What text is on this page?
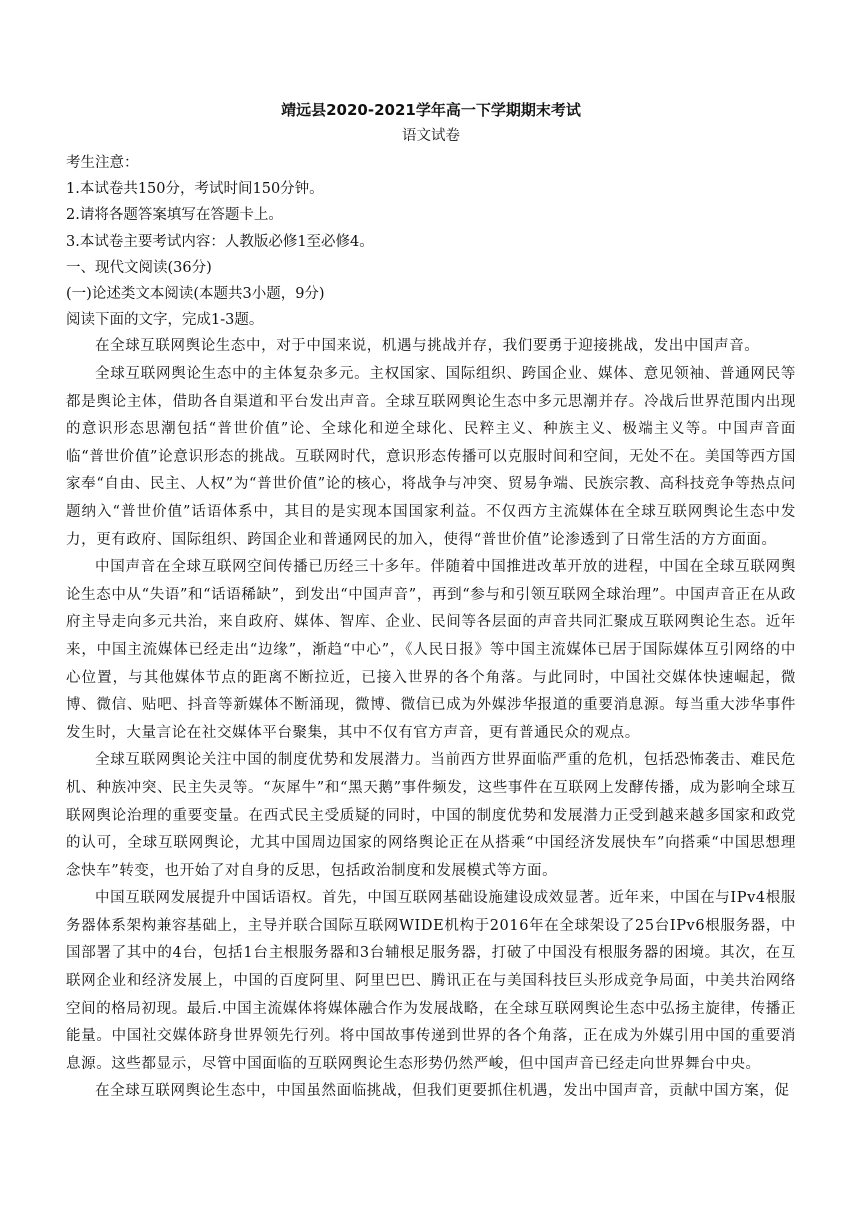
靖远县2020-2021学年高一下学期期末考试
语文试卷

考生注意：

1.本试卷共150分，考试时间150分钟。

2.请将各题答案填写在答题卡上。

3.本试卷主要考试内容：人教版必修1至必修4。

一、现代文阅读(36分)

(一)论述类文本阅读(本题共3小题，9分)

阅读下面的文字，完成1-3题。

在全球互联网舆论生态中，对于中国来说，机遇与挑战并存，我们要勇于迎接挑战，发出中国声音。

全球互联网舆论生态中的主体复杂多元。主权国家、国际组织、跨国企业、媒体、意见领袖、普通网民等都是舆论主体，借助各自渠道和平台发出声音。全球互联网舆论生态中多元思潮并存。冷战后世界范围内出现的意识形态思潮包括“普世价值”论、全球化和逆全球化、民粹主义、种族主义、极端主义等。中国声音面临“普世价值”论意识形态的挑战。互联网时代，意识形态传播可以克服时间和空间，无处不在。美国等西方国家奉“自由、民主、人权”为“普世价值”论的核心，将战争与冲突、贸易争端、民族宗教、高科技竞争等热点问题纳入“普世价值”话语体系中，其目的是实现本国国家利益。不仅西方主流媒体在全球互联网舆论生态中发力，更有政府、国际组织、跨国企业和普通网民的加入，使得“普世价值”论渗透到了日常生活的方方面面。

中国声音在全球互联网空间传播已历经三十多年。伴随着中国推进改革开放的进程，中国在全球互联网舆论生态中从“失语”和“话语稀缺”，到发出“中国声音”，再到“参与和引领互联网全球治理”。中国声音正在从政府主导走向多元共治，来自政府、媒体、智库、企业、民间等各层面的声音共同汇聚成互联网舆论生态。近年来，中国主流媒体已经走出“边缘”，渐趋“中心”，《人民日报》等中国主流媒体已居于国际媒体互引网络的中心位置，与其他媒体节点的距离不断拉近，已接入世界的各个角落。与此同时，中国社交媒体快速崛起，微博、微信、贴吧、抖音等新媒体不断涌现，微博、微信已成为外媒涉华报道的重要消息源。每当重大涉华事件发生时，大量言论在社交媒体平台聚集，其中不仅有官方声音，更有普通民众的观点。

全球互联网舆论关注中国的制度优势和发展潜力。当前西方世界面临严重的危机，包括恐怖袭击、难民危机、种族冲突、民主失灵等。“灰犀牛”和“黑天鹅”事件频发，这些事件在互联网上发酵传播，成为影响全球互联网舆论治理的重要变量。在西式民主受质疑的同时，中国的制度优势和发展潜力正受到越来越多国家和政党的认可，全球互联网舆论，尤其中国周边国家的网络舆论正在从搭乘“中国经济发展快车”向搭乘“中国思想理念快车”转变，也开始了对自身的反思，包括政治制度和发展模式等方面。

中国互联网发展提升中国话语权。首先，中国互联网基础设施建设成效显著。近年来，中国在与IPv4根服务器体系架构兼容基础上，主导并联合国际互联网WIDE机构于2016年在全球架设了25台IPv6根服务器，中国部署了其中的4台，包括1台主根服务器和3台辅根足服务器，打破了中国没有根服务器的困境。其次，在互联网企业和经济发展上，中国的百度阿里、阿里巴巴、腾讯正在与美国科技巨头形成竞争局面，中美共治网络空间的格局初现。最后.中国主流媒体将媒体融合作为发展战略，在全球互联网舆论生态中弘扬主旋律，传播正能量。中国社交媒体跻身世界领先行列。将中国故事传递到世界的各个角落，正在成为外媒引用中国的重要消息源。这些都显示，尽管中国面临的互联网舆论生态形势仍然严峻，但中国声音已经走向世界舞台中央。

在全球互联网舆论生态中，中国虽然面临挑战，但我们更要抓住机遇，发出中国声音，贡献中国方案，促
